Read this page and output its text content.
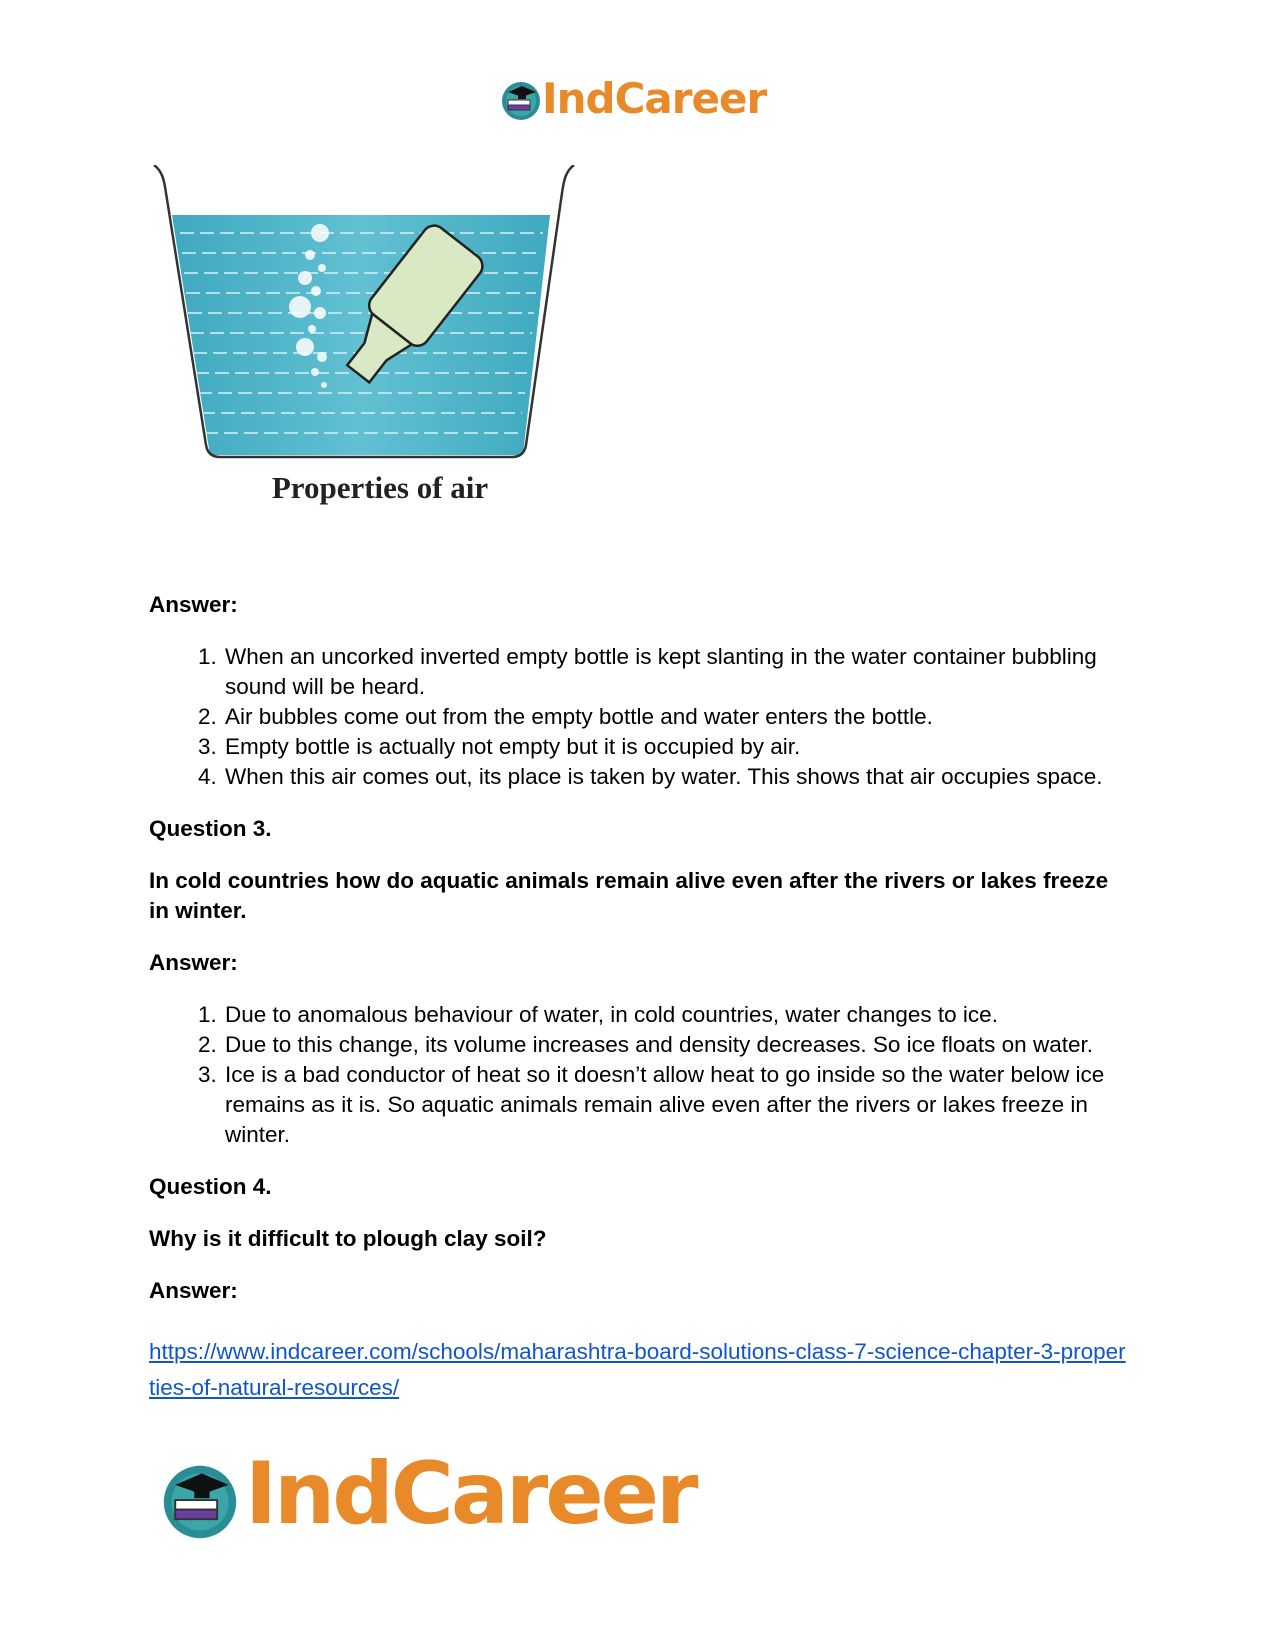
IndCareer
Properties of air

Answer:

1. When an uncorked inverted empty bottle is kept slanting in the water container bubbling sound will be heard.
2. Air bubbles come out from the empty bottle and water enters the bottle.
3. Empty bottle is actually not empty but it is occupied by air.
4. When this air comes out, its place is taken by water. This shows that air occupies space.

Question 3.

In cold countries how do aquatic animals remain alive even after the rivers or lakes freeze in winter.

Answer:

1. Due to anomalous behaviour of water, in cold countries, water changes to ice.
2. Due to this change, its volume increases and density decreases. So ice floats on water.
3. Ice is a bad conductor of heat so it doesn’t allow heat to go inside so the water below ice remains as it is. So aquatic animals remain alive even after the rivers or lakes freeze in winter.

Question 4.

Why is it difficult to plough clay soil?

Answer:

https://www.indcareer.com/schools/maharashtra-board-solutions-class-7-science-chapter-3-properties-of-natural-resources/
IndCareer
